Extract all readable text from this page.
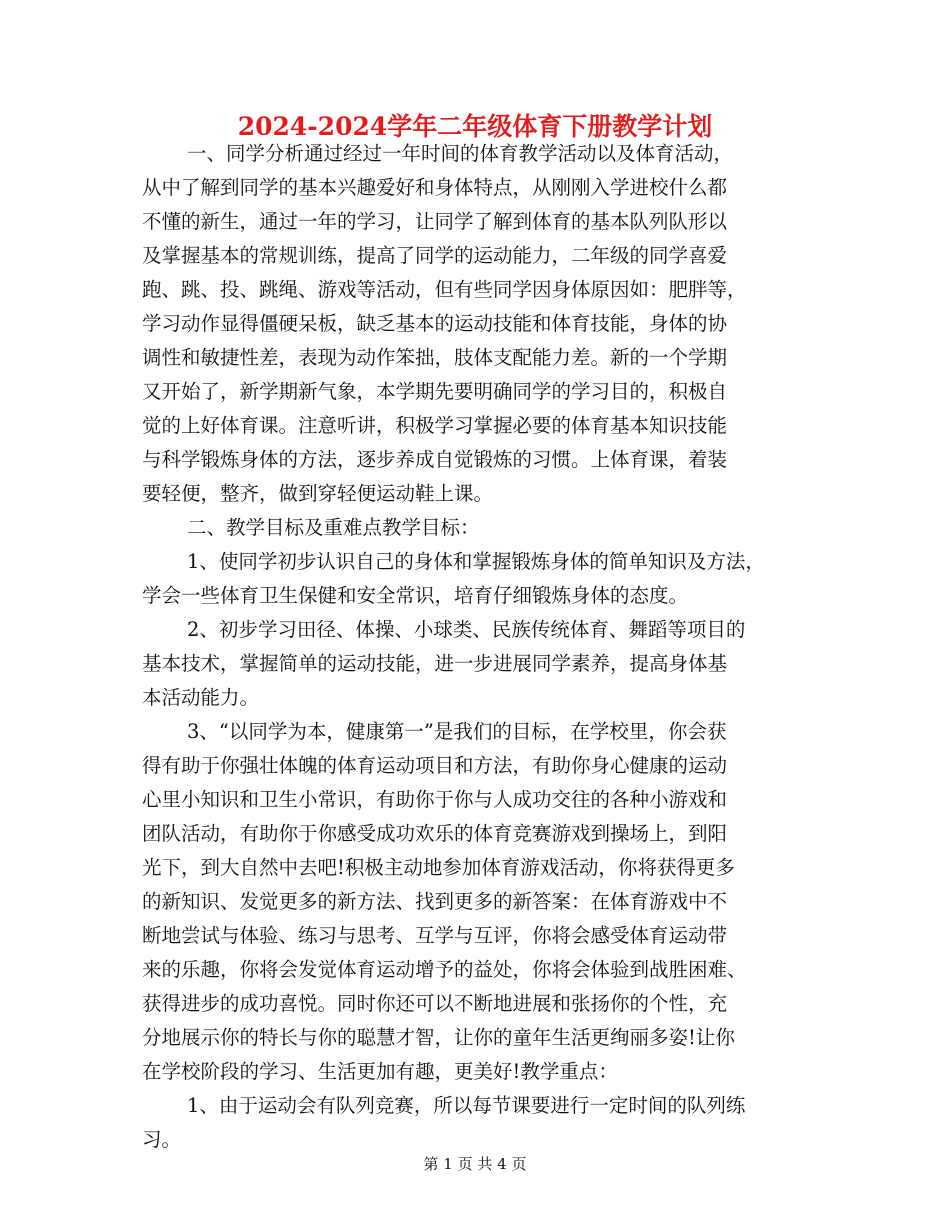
2024-2024学年二年级体育下册教学计划
一、同学分析通过经过一年时间的体育教学活动以及体育活动，
从中了解到同学的基本兴趣爱好和身体特点，从刚刚入学进校什么都
不懂的新生，通过一年的学习，让同学了解到体育的基本队列队形以
及掌握基本的常规训练，提高了同学的运动能力，二年级的同学喜爱
跑、跳、投、跳绳、游戏等活动，但有些同学因身体原因如：肥胖等，
学习动作显得僵硬呆板，缺乏基本的运动技能和体育技能，身体的协
调性和敏捷性差，表现为动作笨拙，肢体支配能力差。新的一个学期
又开始了，新学期新气象，本学期先要明确同学的学习目的，积极自
觉的上好体育课。注意听讲，积极学习掌握必要的体育基本知识技能
与科学锻炼身体的方法，逐步养成自觉锻炼的习惯。上体育课，着装
要轻便，整齐，做到穿轻便运动鞋上课。
二、教学目标及重难点教学目标：
1、使同学初步认识自己的身体和掌握锻炼身体的简单知识及方法，
学会一些体育卫生保健和安全常识，培育仔细锻炼身体的态度。
2、初步学习田径、体操、小球类、民族传统体育、舞蹈等项目的
基本技术，掌握简单的运动技能，进一步进展同学素养，提高身体基
本活动能力。
3、“以同学为本，健康第一”是我们的目标，在学校里，你会获
得有助于你强壮体魄的体育运动项目和方法，有助你身心健康的运动
心里小知识和卫生小常识，有助你于你与人成功交往的各种小游戏和
团队活动，有助你于你感受成功欢乐的体育竞赛游戏到操场上，到阳
光下，到大自然中去吧!积极主动地参加体育游戏活动，你将获得更多
的新知识、发觉更多的新方法、找到更多的新答案：在体育游戏中不
断地尝试与体验、练习与思考、互学与互评，你将会感受体育运动带
来的乐趣，你将会发觉体育运动增予的益处，你将会体验到战胜困难、
获得进步的成功喜悦。同时你还可以不断地进展和张扬你的个性，充
分地展示你的特长与你的聪慧才智，让你的童年生活更绚丽多姿!让你
在学校阶段的学习、生活更加有趣，更美好!教学重点：
1、由于运动会有队列竞赛，所以每节课要进行一定时间的队列练
习。
第 1 页 共 4 页
